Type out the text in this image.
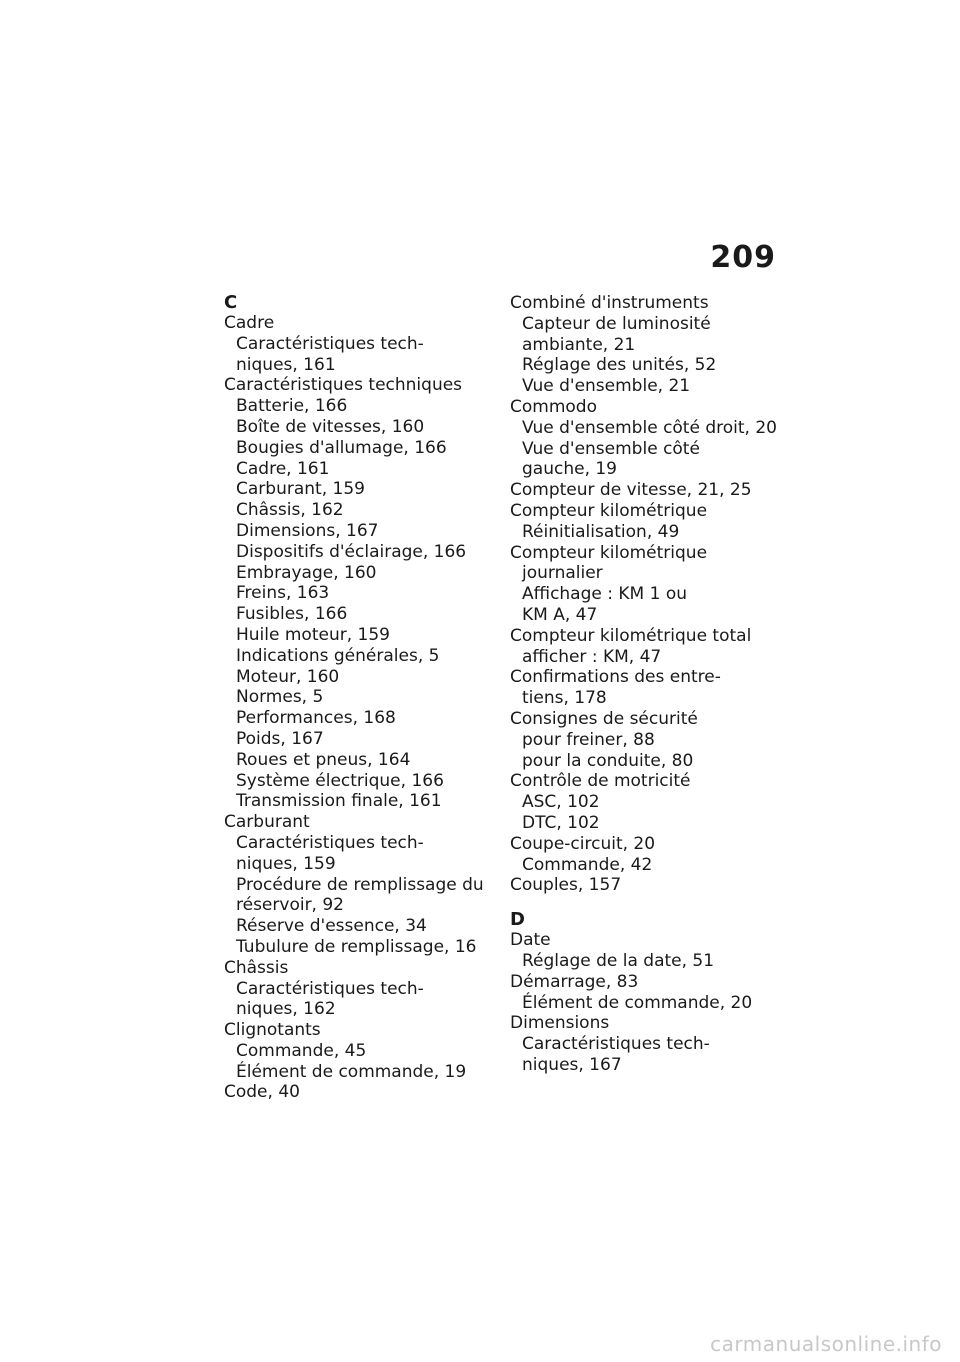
209
C
Cadre
Caractéristiques tech-
niques, 161
Caractéristiques techniques
Batterie, 166
Boîte de vitesses, 160
Bougies d'allumage, 166
Cadre, 161
Carburant, 159
Châssis, 162
Dimensions, 167
Dispositifs d'éclairage, 166
Embrayage, 160
Freins, 163
Fusibles, 166
Huile moteur, 159
Indications générales, 5
Moteur, 160
Normes, 5
Performances, 168
Poids, 167
Roues et pneus, 164
Système électrique, 166
Transmission finale, 161
Carburant
Caractéristiques tech-
niques, 159
Procédure de remplissage du
réservoir, 92
Réserve d'essence, 34
Tubulure de remplissage, 16
Châssis
Caractéristiques tech-
niques, 162
Clignotants
Commande, 45
Élément de commande, 19
Code, 40
Combiné d'instruments
Capteur de luminosité
ambiante, 21
Réglage des unités, 52
Vue d'ensemble, 21
Commodo
Vue d'ensemble côté droit, 20
Vue d'ensemble côté
gauche, 19
Compteur de vitesse, 21, 25
Compteur kilométrique
Réinitialisation, 49
Compteur kilométrique
journalier
Affichage : KM 1 ou
KM A, 47
Compteur kilométrique total
afficher : KM, 47
Confirmations des entre-
tiens, 178
Consignes de sécurité
pour freiner, 88
pour la conduite, 80
Contrôle de motricité
ASC, 102
DTC, 102
Coupe-circuit, 20
Commande, 42
Couples, 157
D
Date
Réglage de la date, 51
Démarrage, 83
Élément de commande, 20
Dimensions
Caractéristiques tech-
niques, 167
carmanualsonline.info
